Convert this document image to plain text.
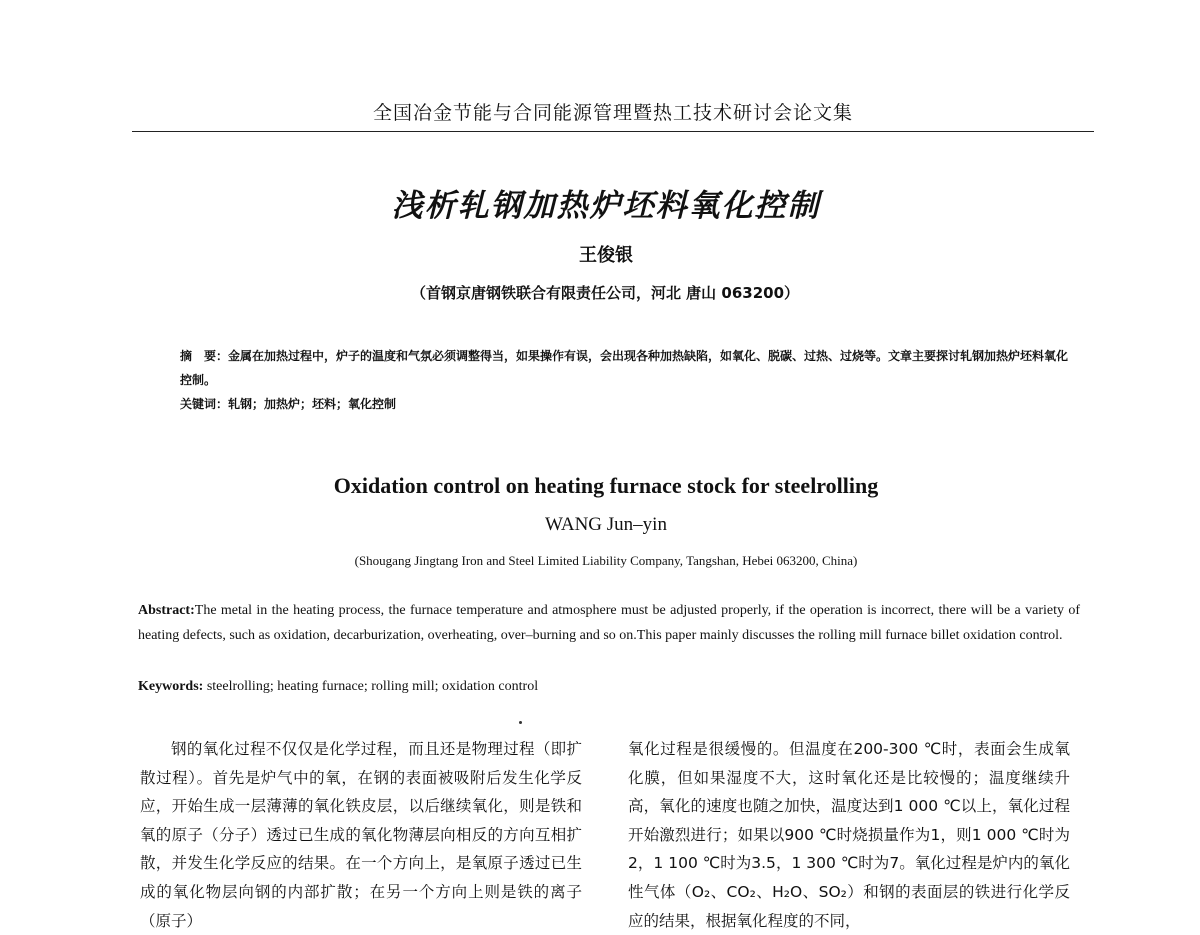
全国冶金节能与合同能源管理暨热工技术研讨会论文集
浅析轧钢加热炉坯料氧化控制
王俊银
（首钢京唐钢铁联合有限责任公司，河北 唐山 063200）
摘　要：金属在加热过程中，炉子的温度和气氛必须调整得当，如果操作有误，会出现各种加热缺陷，如氧化、脱碳、过热、过烧等。文章主要探讨轧钢加热炉坯料氧化控制。
关键词：轧钢；加热炉；坯料；氧化控制
Oxidation control on heating furnace stock for steelrolling
WANG Jun–yin
(Shougang Jingtang Iron and Steel Limited Liability Company, Tangshan, Hebei 063200, China)
Abstract:The metal in the heating process, the furnace temperature and atmosphere must be adjusted properly, if the operation is incorrect, there will be a variety of heating defects, such as oxidation, decarburization, overheating, over–burning and so on.This paper mainly discusses the rolling mill furnace billet oxidation control.
Keywords: steelrolling; heating furnace; rolling mill; oxidation control
钢的氧化过程不仅仅是化学过程，而且还是物理过程（即扩散过程）。首先是炉气中的氧，在钢的表面被吸附后发生化学反应，开始生成一层薄薄的氧化铁皮层，以后继续氧化，则是铁和氧的原子（分子）透过已生成的氧化物薄层向相反的方向互相扩散，并发生化学反应的结果。在一个方向上，是氧原子透过已生成的氧化物层向钢的内部扩散；在另一个方向上则是铁的离子（原子）
氧化过程是很缓慢的。但温度在200-300 ℃时，表面会生成氧化膜，但如果湿度不大，这时氧化还是比较慢的；温度继续升高，氧化的速度也随之加快，温度达到1 000 ℃以上，氧化过程开始激烈进行；如果以900 ℃时烧损量作为1，则1 000 ℃时为2，1 100 ℃时为3.5，1 300 ℃时为7。氧化过程是炉内的氧化性气体（O₂、CO₂、H₂O、SO₂）和钢的表面层的铁进行化学反应的结果，根据氧化程度的不同，
